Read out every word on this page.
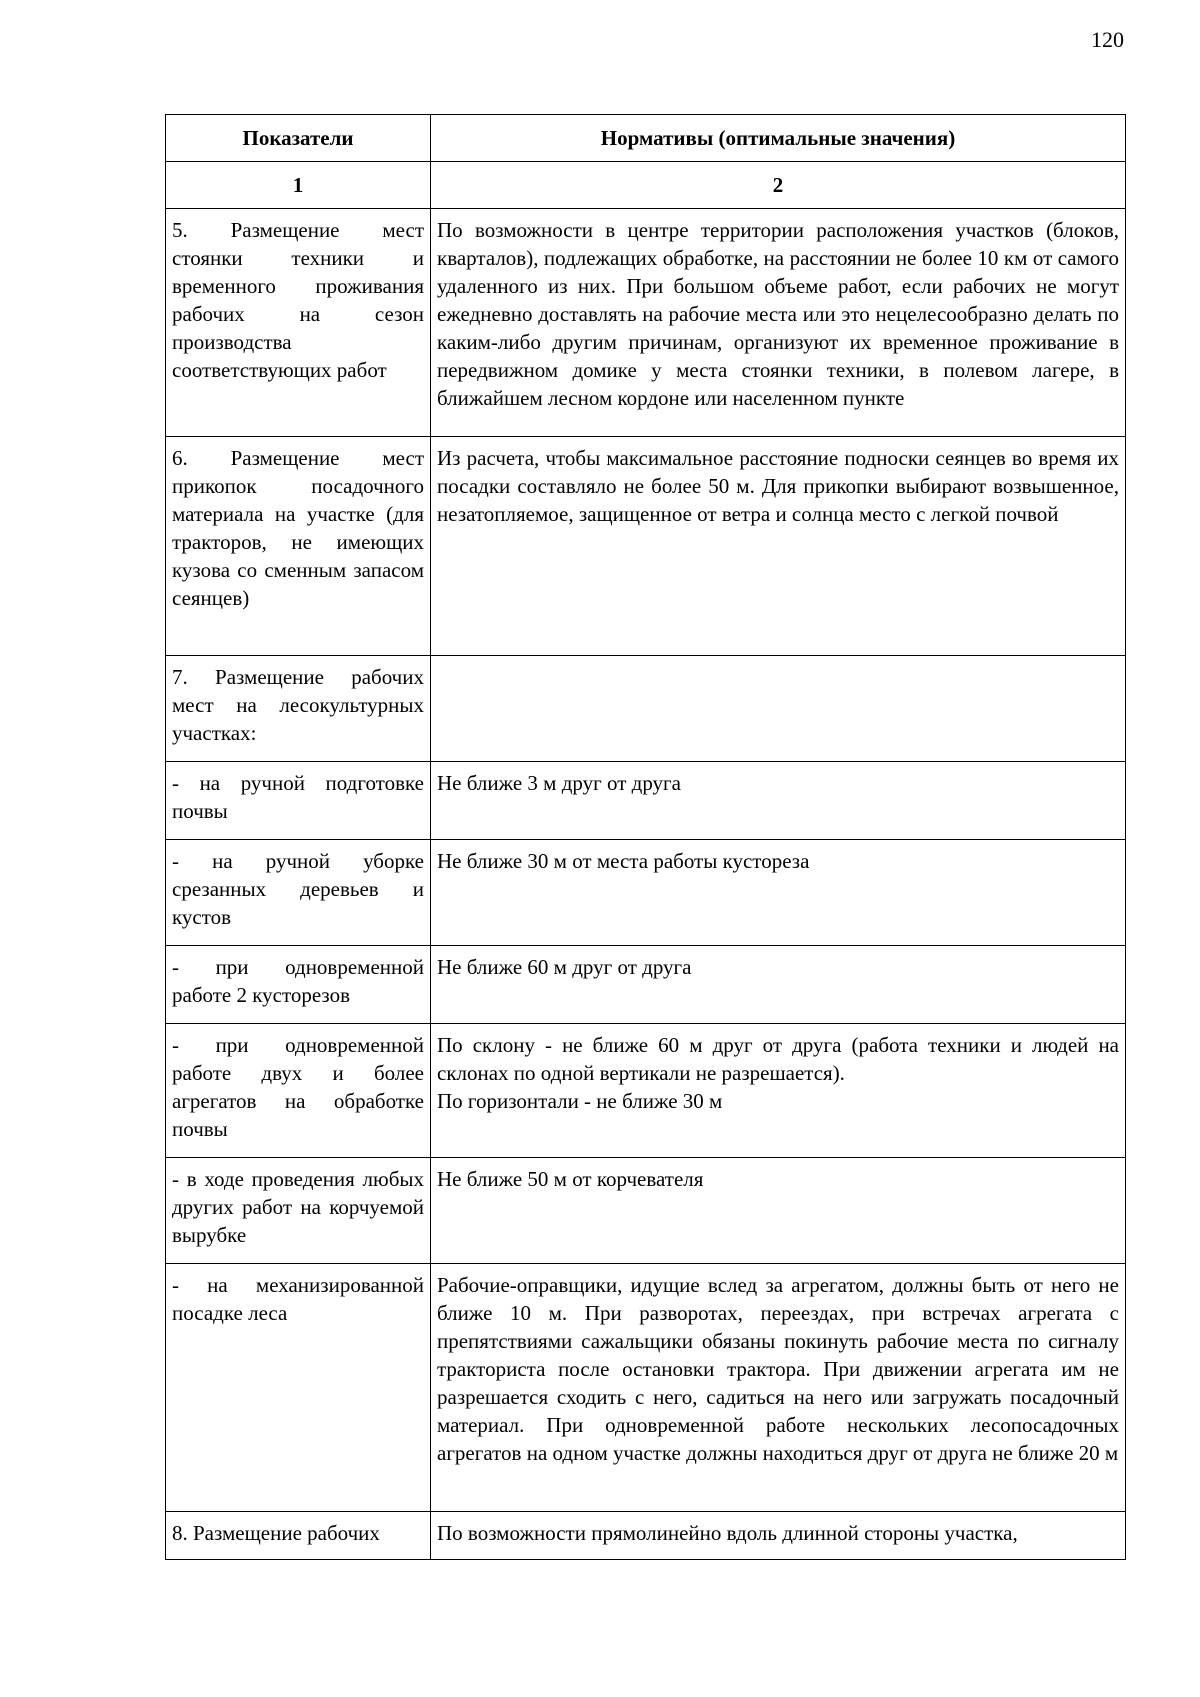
120
Показатели	Нормативы (оптимальные значения)
1	2
5. Размещение мест стоянки техники и временного проживания рабочих на сезон производства соответствующих работ	По возможности в центре территории расположения участков (блоков, кварталов), подлежащих обработке, на расстоянии не более 10 км от самого удаленного из них. При большом объеме работ, если рабочих не могут ежедневно доставлять на рабочие места или это нецелесообразно делать по каким-либо другим причинам, организуют их временное проживание в передвижном домике у места стоянки техники, в полевом лагере, в ближайшем лесном кордоне или населенном пункте

6. Размещение мест прикопок посадочного материала на участке (для тракторов, не имеющих кузова со сменным запасом сеянцев)	Из расчета, чтобы максимальное расстояние подноски сеянцев во время их посадки составляло не более 50 м. Для прикопки выбирают возвышенное, незатопляемое, защищенное от ветра и солнца место с легкой почвой

7. Размещение рабочих мест на лесокультурных участках:	

- на ручной подготовке почвы	Не ближе 3 м друг от друга

- на ручной уборке срезанных деревьев и кустов	Не ближе 30 м от места работы кустореза

- при одновременной работе 2 кусторезов	Не ближе 60 м друг от друга

- при одновременной работе двух и более агрегатов на обработке почвы	По склону - не ближе 60 м друг от друга (работа техники и людей на склонах по одной вертикали не разрешается).

По горизонтали - не ближе 30 м

- в ходе проведения любых других работ на корчуемой вырубке	Не ближе 50 м от корчевателя

- на механизированной посадке леса	Рабочие-оправщики, идущие вслед за агрегатом, должны быть от него не ближе 10 м. При разворотах, переездах, при встречах агрегата с препятствиями сажальщики обязаны покинуть рабочие места по сигналу тракториста после остановки трактора. При движении агрегата им не разрешается сходить с него, садиться на него или загружать посадочный материал. При одновременной работе нескольких лесопосадочных агрегатов на одном участке должны находиться друг от друга не ближе 20 м

8. Размещение рабочих	По возможности прямолинейно вдоль длинной стороны участка,
